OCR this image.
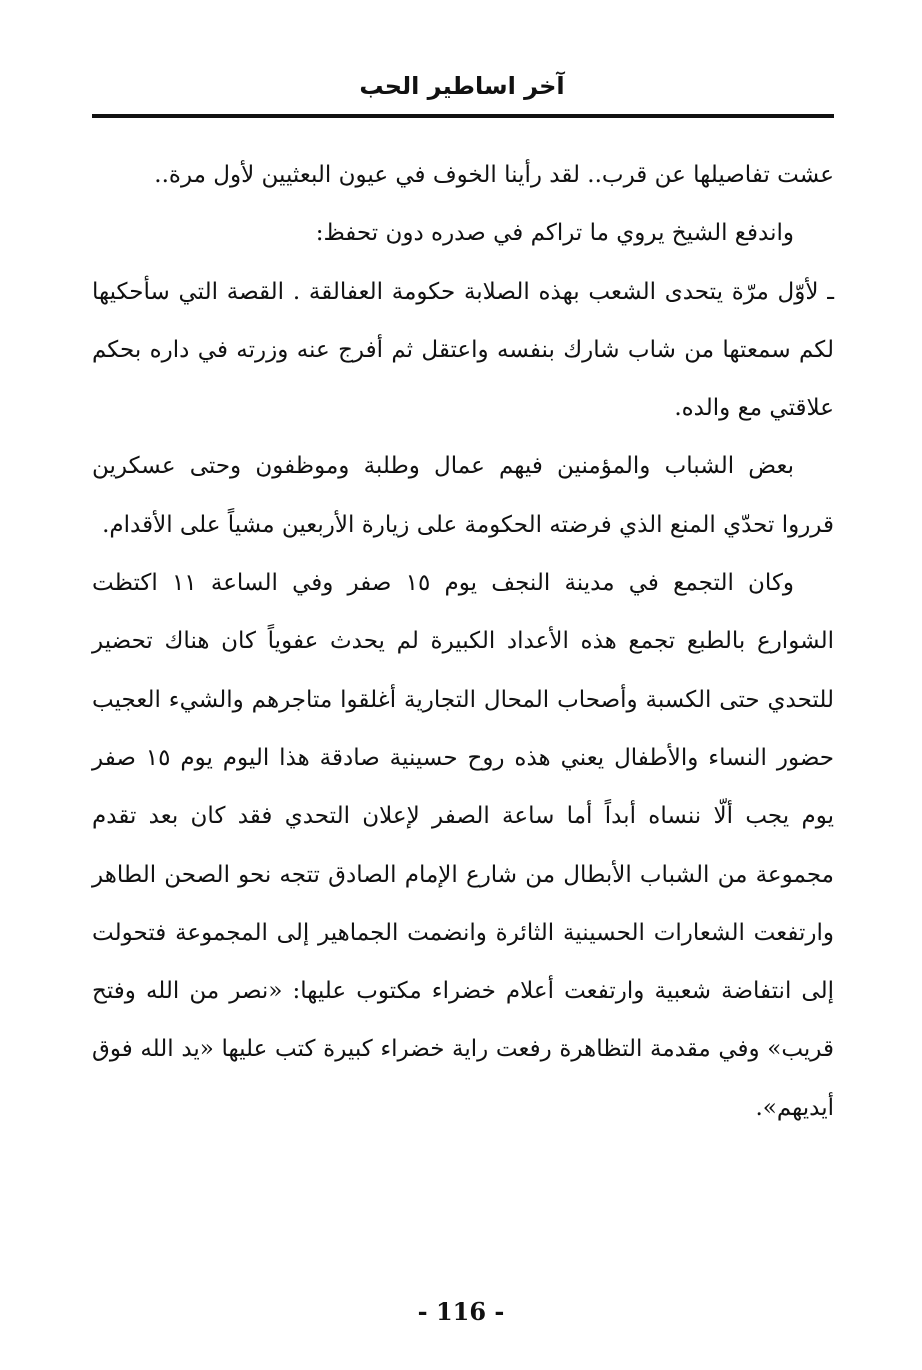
آخر اساطير الحب

عشت تفاصيلها عن قرب.. لقد رأينا الخوف في عيون البعثيين لأول مرة..

واندفع الشيخ يروي ما تراكم في صدره دون تحفظ:

ـ لأوّل مرّة يتحدى الشعب بهذه الصلابة حكومة العفالقة . القصة التي سأحكيها لكم سمعتها من شاب شارك بنفسه واعتقل ثم أفرج عنه وزرته في داره بحكم علاقتي مع والده.

بعض الشباب والمؤمنين فيهم عمال وطلبة وموظفون وحتى عسكرين قرروا تحدّي المنع الذي فرضته الحكومة على زيارة الأربعين مشياً على الأقدام.

وكان التجمع في مدينة النجف يوم ١٥ صفر وفي الساعة ١١ اكتظت الشوارع بالطبع تجمع هذه الأعداد الكبيرة لم يحدث عفوياً كان هناك تحضير للتحدي حتى الكسبة وأصحاب المحال التجارية أغلقوا متاجرهم والشيء العجيب حضور النساء والأطفال يعني هذه روح حسينية صادقة هذا اليوم يوم ١٥ صفر يوم يجب ألّا ننساه أبداً أما ساعة الصفر لإعلان التحدي فقد كان بعد تقدم مجموعة من الشباب الأبطال من شارع الإمام الصادق تتجه نحو الصحن الطاهر وارتفعت الشعارات الحسينية الثائرة وانضمت الجماهير إلى المجموعة فتحولت إلى انتفاضة شعبية وارتفعت أعلام خضراء مكتوب عليها: «نصر من الله وفتح قريب» وفي مقدمة التظاهرة رفعت راية خضراء كبيرة كتب عليها «يد الله فوق أيديهم».

- 116 -
